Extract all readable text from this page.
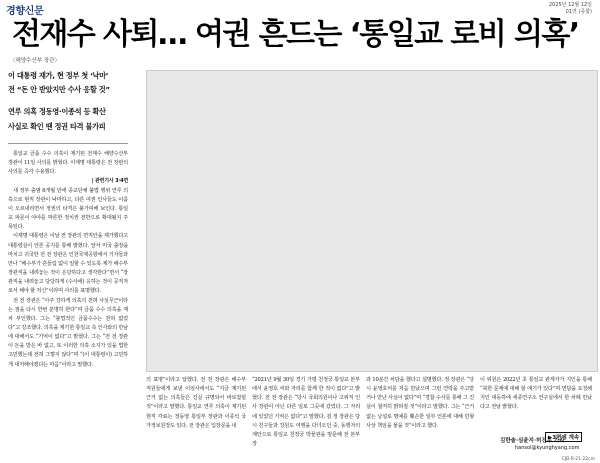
경향신문
2025년 12월 12일
01면 (종합)
전재수 사퇴… 여권 흔드는 ‘통일교 로비 의혹’
〈해양수산부 장관〉
이 대통령 재가, 현 정부 첫 ‘낙마’
전 “돈 안 받았지만 수사 응할 것”
연루 의혹 정동영·이종석 등 확산
사실로 확인 땐 정권 타격 불가피

통일교 금품 수수 의혹이 제기된 전재수 해양수산부 장관이 11일 사의를 밝혔다. 이재명 대통령은 전 장관의 사의를 즉각 수용했다.

| 관련기사 3·4면

새 정부 출범 6개월 만에 종교단체 불법 행위 연루 의혹으로 현직 장관이 낙마하고, 다른 여권 인사들도 이름이 오르내리면서 정권의 타격은 불가피해 보인다. 통일교 파문이 야야를 막론한 정치권 전반으로 확대될지 주목된다.

이재명 대통령은 이날 전 장관의 면직안을 재가했다고 대통령실이 언론 공지를 통해 밝혔다. 앞서 미국 출장을 마치고 귀국한 전 전 장관은 인천국제공항에서 기자들과 만나 “해수부가 흔들림 없이 일할 수 있도록 제가 해수부 장관직을 내려놓는 것이 온당하다고 생각한다”면서 “장관직을 내려놓고 당당하게 (수사에) 응하는 것이 공직자로서 해야 할 처신”이라며 사의를 표명했다.

전 전 장관은 “아주 강하게 의혹의 전혀 사실무근이라는 점을 다시 한번 분명히 한다”며 금품 수수 의혹을 재차 부인했다. 그는 “불법적인 금품수수는 전혀 없었다”고 강조했다. 의혹을 제기한 통일교 측 인사와의 만남에 대해서도 “기억이 없다”고 밝혔다. 그는 “전 전 장관이 돈을 받은 바 없고, 또 이러한 의혹 소지가 있을 법한 고민했는데 전혀 그렇지 않다”며 “(이 대통령이) 고민하게 대처해야겠다는 마음”이라고 말했다.

의 표명”이라고 답했다. 전 전 장관은 해수부 직원들에게 보낸 이임사에서도 “지금 제기된 근거 없는 의혹들은 진실 규명되어 바로잡힐 것”이라고 말했다. 통일교 연루 의혹이 제기된 현직 각료는 정동영 통일부 장관과 이종석 국가정보원장도 있다. 전 장관은 입장문을 내

“2021년 9월 30일 경기 가평 천정궁 통일교 본부에서 윤영호 씨와 자리를 함께 한 적이 없다”고 밝혔다. 전 전 장관은 “당시 국회의원이나 고위직 인사 장관이 아닌 다른 일로 그곳에 갔었다. 그 자리에 있었던 기억은 없다”고 말했다. 검 정 장관은 당시 친구들과 강원도 여행을 다녀오던 중, 동행자의 제안으로 통일교 천정궁 박물관을 방문해 전 본부장

과 10분간 차담을 했다고 설명했다. 정 장관은 “당시 윤영호씨를 처음 만났으며 그런 연락을 주고받거나 만난 사실이 없다”며 “경찰 수사를 통해 그 진실이 철저히 밝혀질 것”이라고 말했다. 그는 “근거 없는 낭설로 명예를 훼손한 일부 언론에 대해 민형사상 책임을 물을 것”이라고 했다.

이 위원은 2022년 초 통일교 관계자가 지인을 통해 “북한 문제에 대해 할 얘기가 있다”며 면담을 요청해 지인 대동하에 세종연구소 연구실에서 한 차례 만났다고 전날 밝혔다.

▶3면에 계속
김한솔·심윤지·허진무 기자
hansol@kyunghyang.com
CJB.R-21.22cm
